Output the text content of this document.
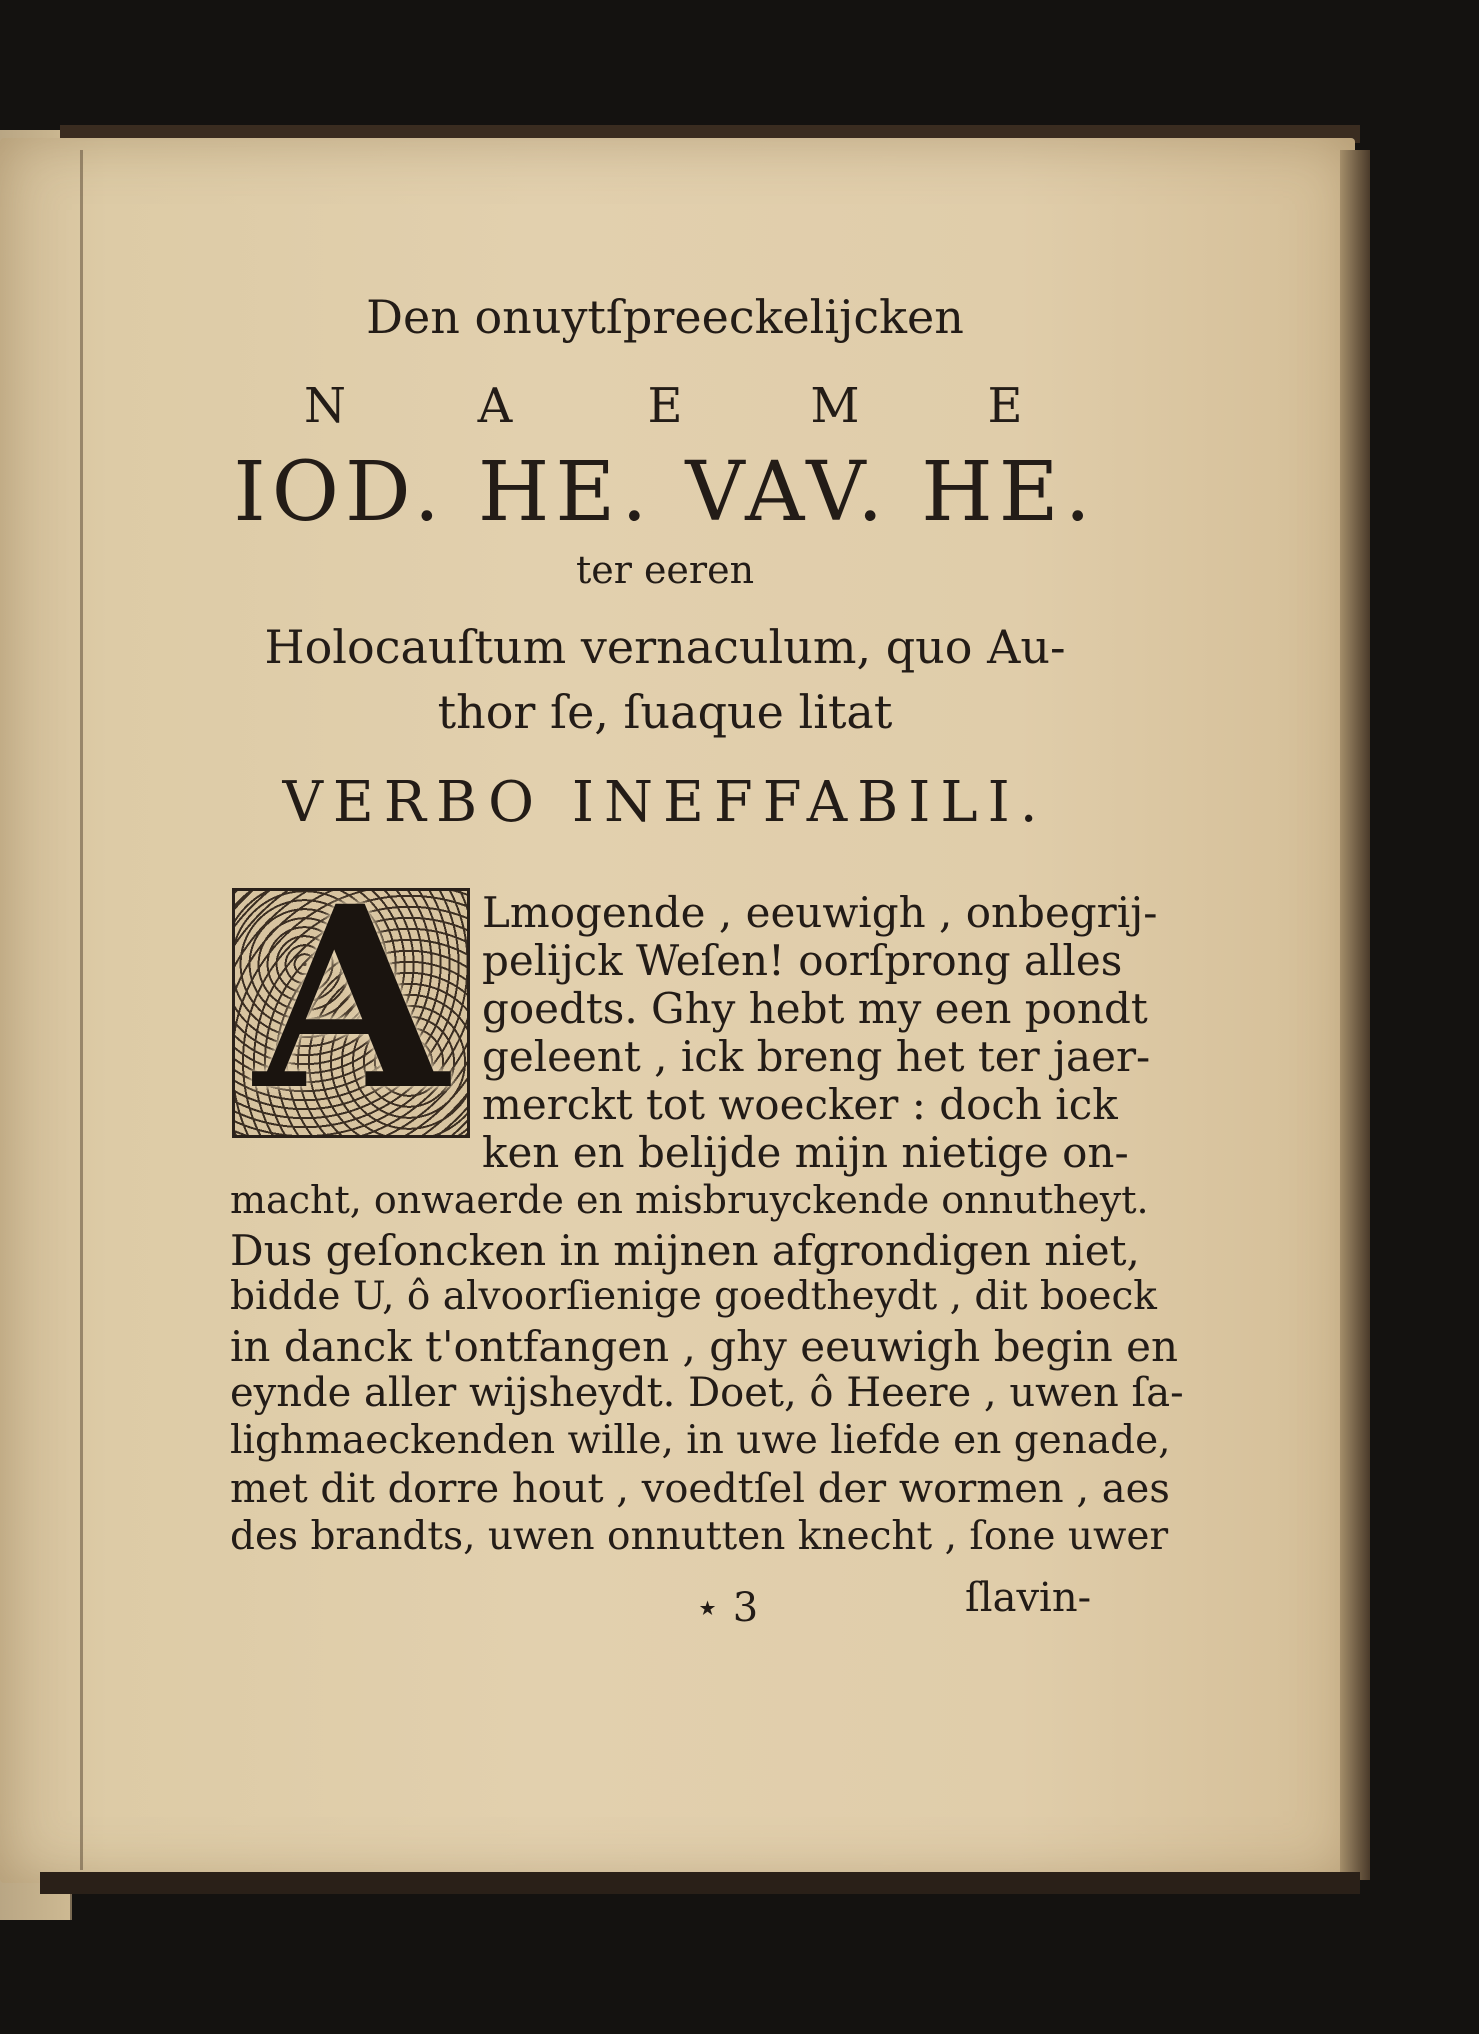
Den onuytſpreeckelijcken
N	A	E	M	E
IOD. HE. VAV. HE.
ter eeren
Holocauſtum vernaculum, quo Au-
thor ſe, ſuaque litat
VERBO INEFFABILI.
A Lmogende , eeuwigh , onbegrij-
pelijck Weſen! oorſprong alles
goedts. Ghy hebt my een pondt
geleent , ick breng het ter jaer-
merckt tot woecker : doch ick
ken en belijde mijn nietige on-
macht, onwaerde en misbruyckende onnutheyt.
Dus geſoncken in mijnen afgrondigen niet,
bidde U, ô alvoorſienige goedtheydt , dit boeck
in danck t'ontfangen , ghy eeuwigh begin en
eynde aller wijsheydt. Doet, ô Heere , uwen ſa-
lighmaeckenden wille, in uwe liefde en genade,
met dit dorre hout , voedtſel der wormen , aes
des brandts, uwen onnutten knecht , ſone uwer
⋆ 3	ſlavin-
